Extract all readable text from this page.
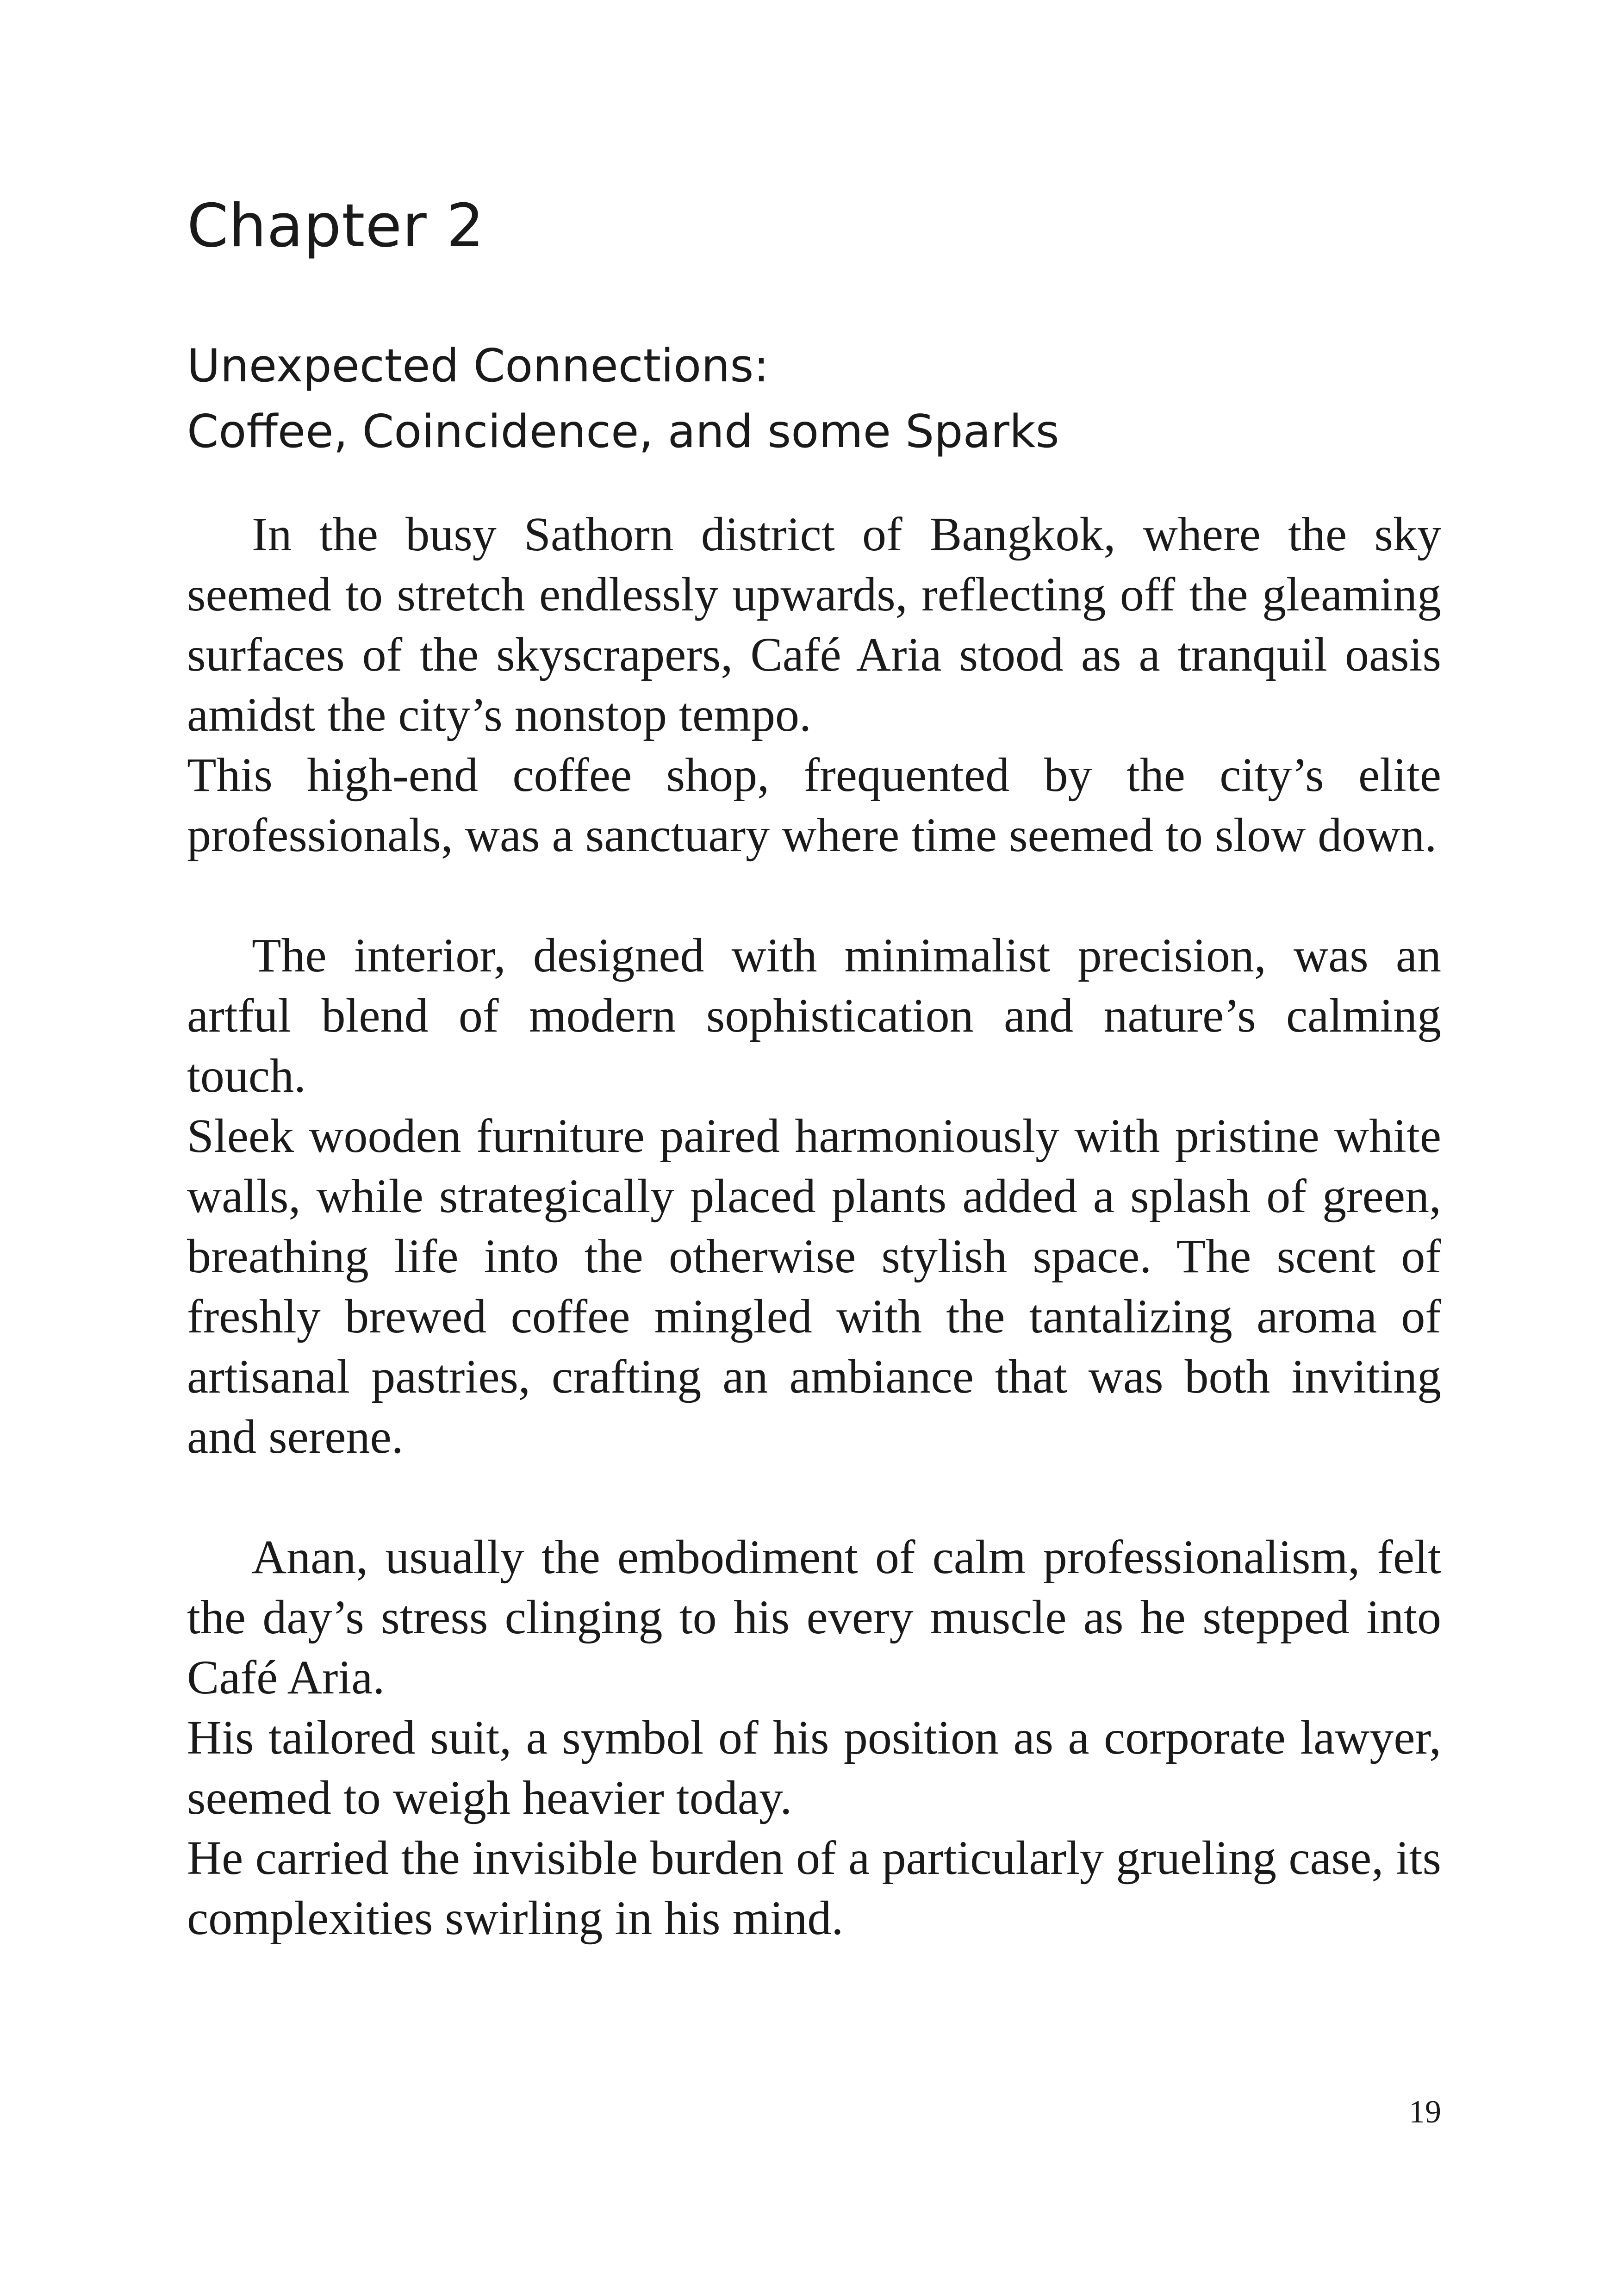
Chapter 2
Unexpected Connections:
Coffee, Coincidence, and some Sparks

In the busy Sathorn district of Bangkok, where the sky seemed to stretch endlessly upwards, reflecting off the gleaming surfaces of the skyscrapers, Café Aria stood as a tranquil oasis amidst the city’s nonstop tempo.

This high-end coffee shop, frequented by the city’s elite professionals, was a sanctuary where time seemed to slow down.

The interior, designed with minimalist precision, was an artful blend of modern sophistication and nature’s calming touch.

Sleek wooden furniture paired harmoniously with pristine white walls, while strategically placed plants added a splash of green, breathing life into the otherwise stylish space. The scent of freshly brewed coffee mingled with the tantalizing aroma of artisanal pastries, crafting an ambiance that was both inviting and serene.

Anan, usually the embodiment of calm professionalism, felt the day’s stress clinging to his every muscle as he stepped into Café Aria.

His tailored suit, a symbol of his position as a corporate lawyer, seemed to weigh heavier today.

He carried the invisible burden of a particularly grueling case, its complexities swirling in his mind.

19
